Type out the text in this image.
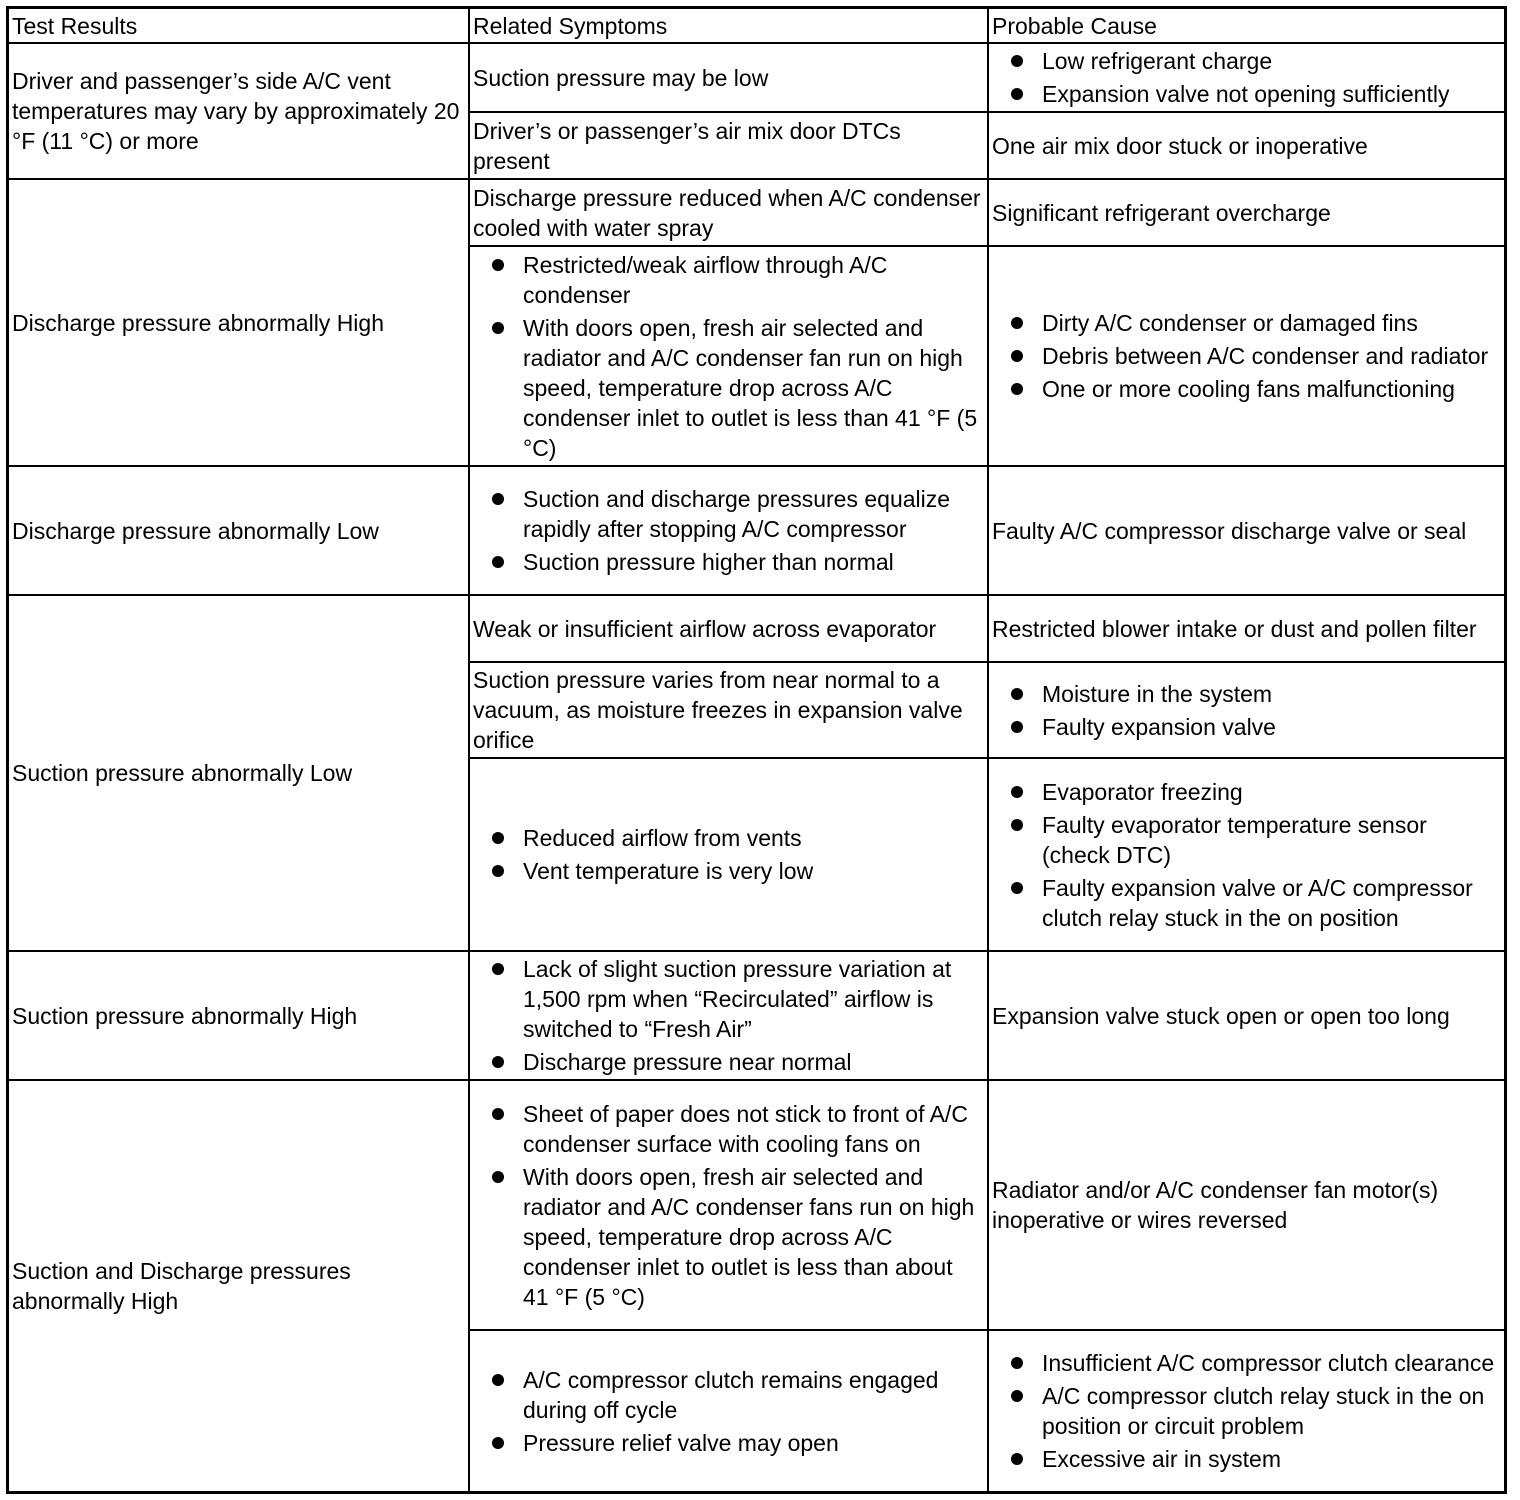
Test Results	Related Symptoms	Probable Cause
Driver and passenger’s side A/C vent temperatures may vary by approximately 20 °F (11 °C) or more
Suction pressure may be low
Low refrigerant charge
Expansion valve not opening sufficiently
Driver’s or passenger’s air mix door DTCs present
One air mix door stuck or inoperative
Discharge pressure abnormally High
Discharge pressure reduced when A/C condenser cooled with water spray
Significant refrigerant overcharge
Restricted/weak airflow through A/C condenser
With doors open, fresh air selected and radiator and A/C condenser fan run on high speed, temperature drop across A/C condenser inlet to outlet is less than 41 °F (5 °C)
Dirty A/C condenser or damaged fins
Debris between A/C condenser and radiator
One or more cooling fans malfunctioning
Discharge pressure abnormally Low
Suction and discharge pressures equalize rapidly after stopping A/C compressor
Suction pressure higher than normal
Faulty A/C compressor discharge valve or seal
Suction pressure abnormally Low
Weak or insufficient airflow across evaporator Restricted blower intake or dust and pollen filter
Suction pressure varies from near normal to a vacuum, as moisture freezes in expansion valve orifice
Moisture in the system
Faulty expansion valve
Reduced airflow from vents
Vent temperature is very low
Evaporator freezing
Faulty evaporator temperature sensor (check DTC)
Faulty expansion valve or A/C compressor clutch relay stuck in the on position
Suction pressure abnormally High
Lack of slight suction pressure variation at 1,500 rpm when “Recirculated” airflow is switched to “Fresh Air”
Discharge pressure near normal
Expansion valve stuck open or open too long
Suction and Discharge pressures abnormally High
Sheet of paper does not stick to front of A/C condenser surface with cooling fans on
With doors open, fresh air selected and radiator and A/C condenser fans run on high speed, temperature drop across A/C condenser inlet to outlet is less than about 41 °F (5 °C)
Radiator and/or A/C condenser fan motor(s) inoperative or wires reversed
A/C compressor clutch remains engaged during off cycle
Pressure relief valve may open
Insufficient A/C compressor clutch clearance
A/C compressor clutch relay stuck in the on position or circuit problem
Excessive air in system
